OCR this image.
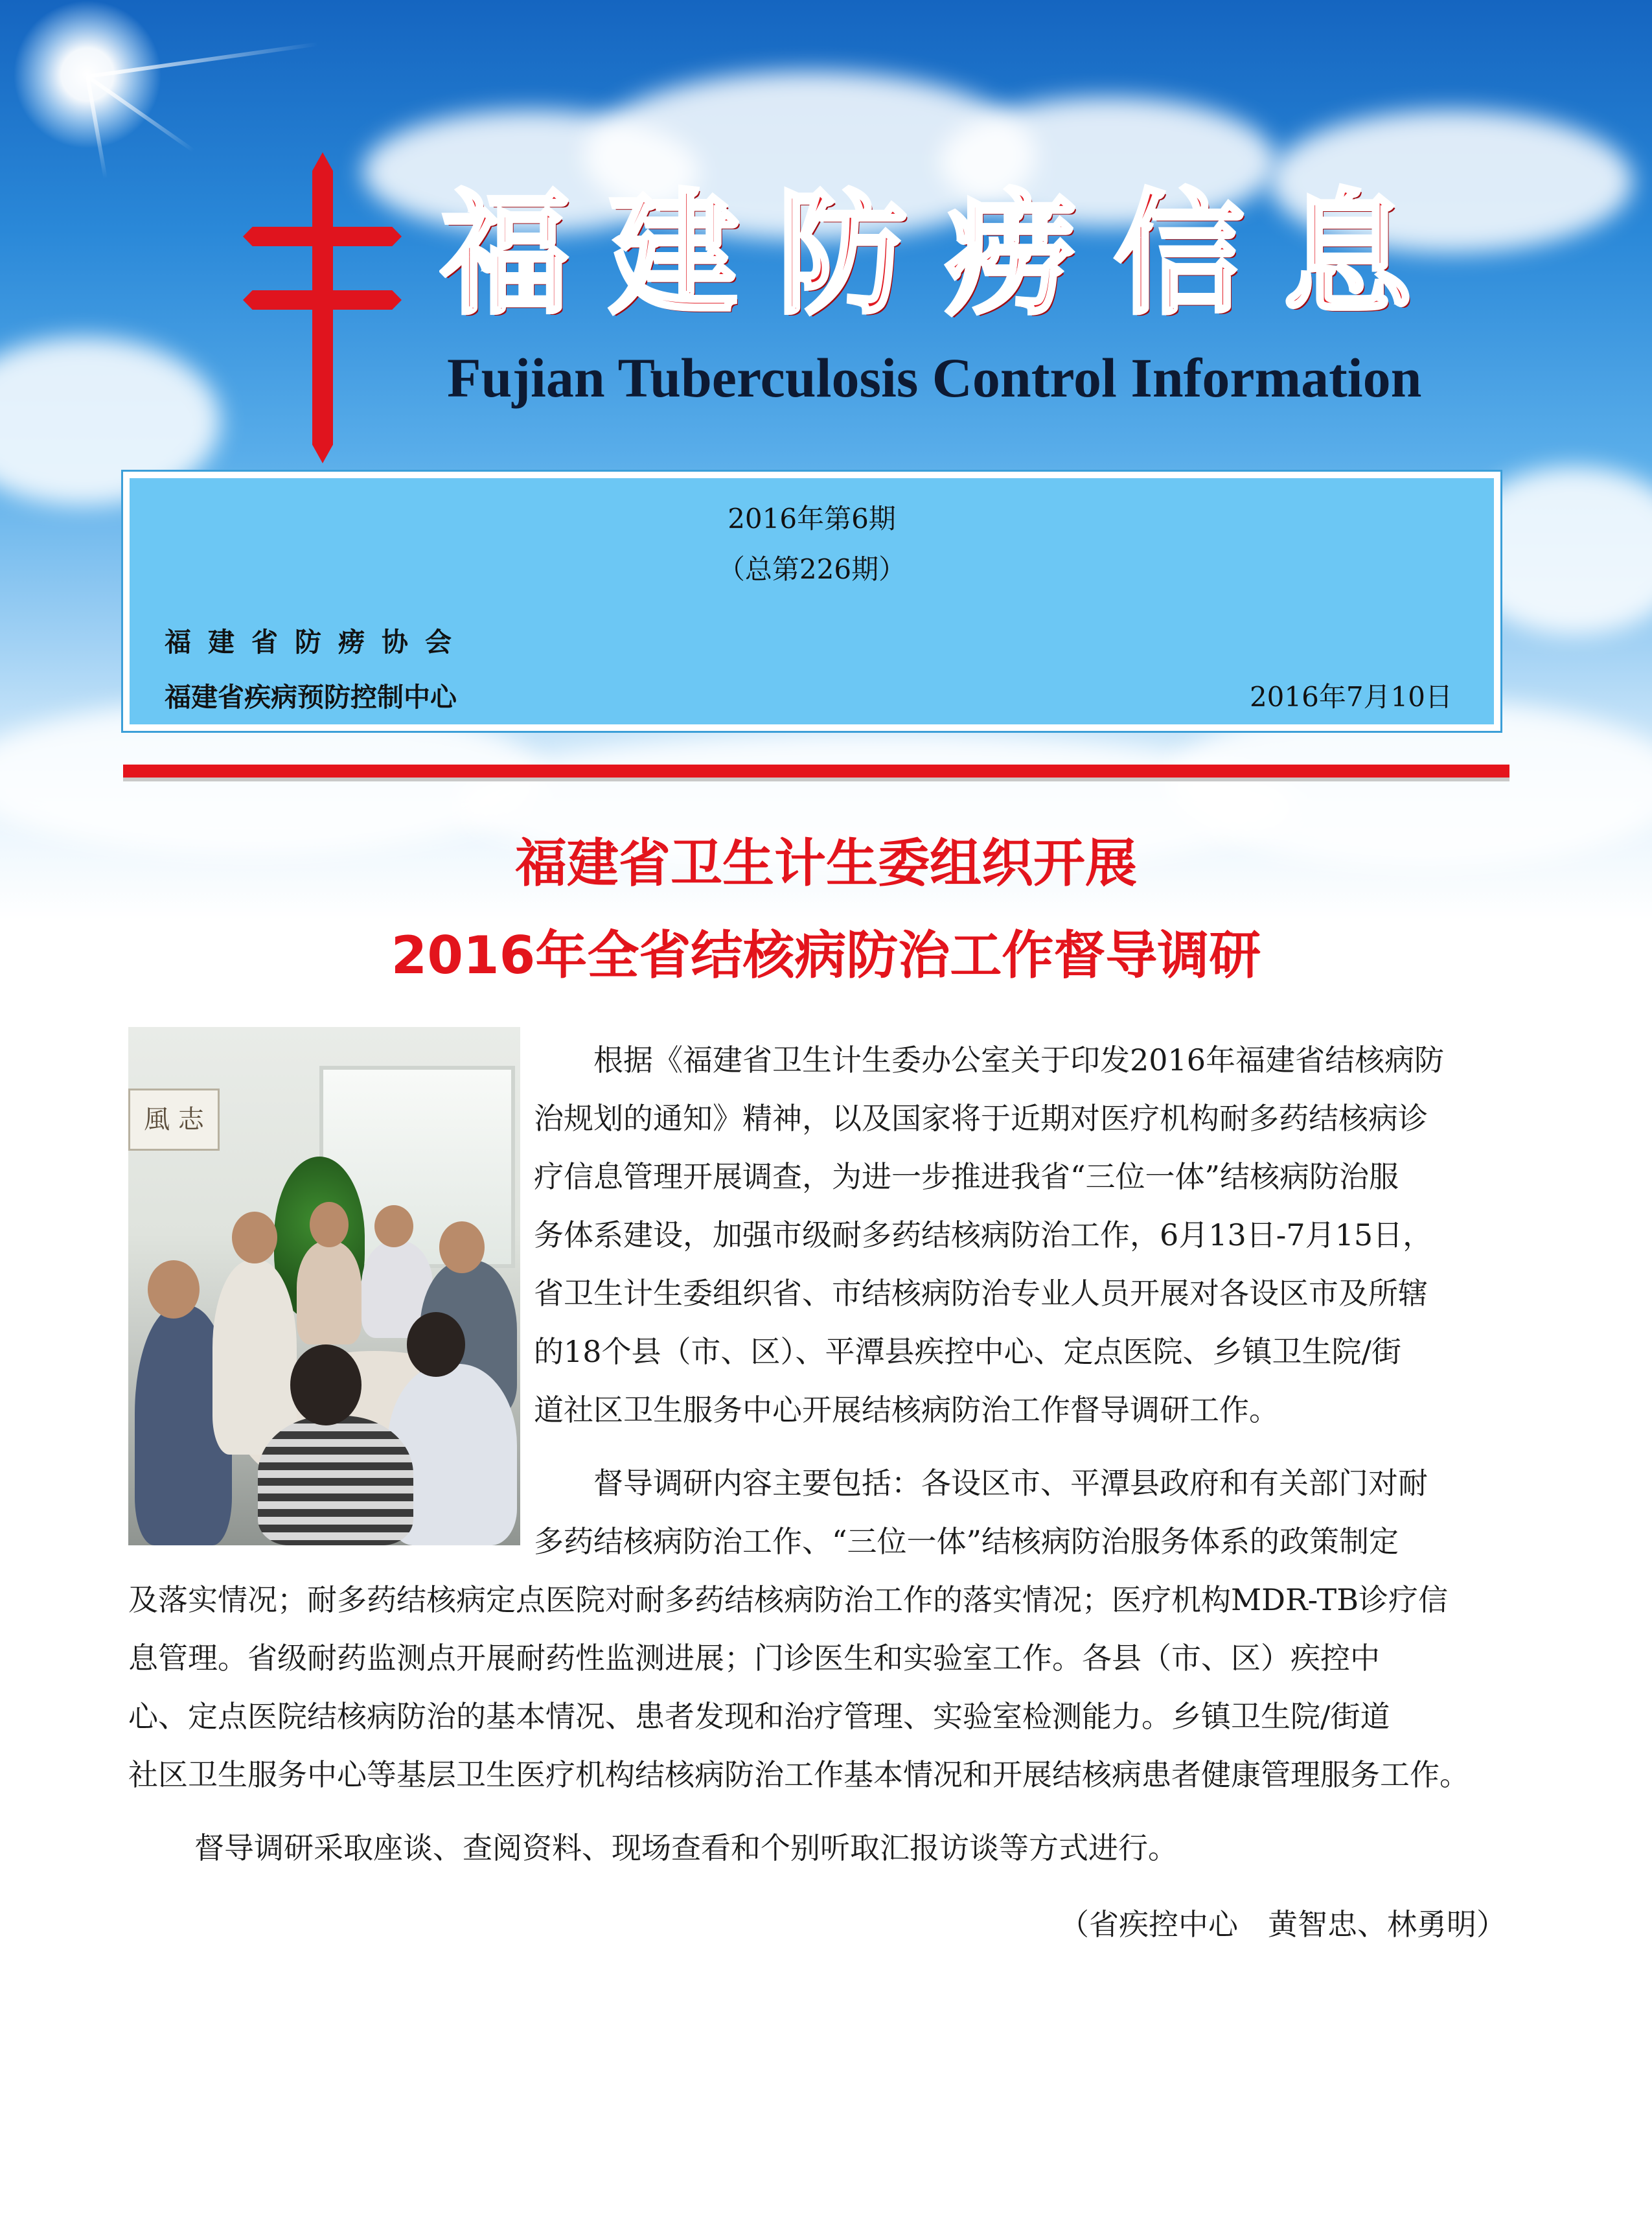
福建防痨信息
Fujian Tuberculosis Control Information
2016年第6期
（总第226期）
福建省防痨协会
福建省疾病预防控制中心	2016年7月10日
福建省卫生计生委组织开展
2016年全省结核病防治工作督导调研
風 志
根据《福建省卫生计生委办公室关于印发2016年福建省结核病防
治规划的通知》精神，以及国家将于近期对医疗机构耐多药结核病诊
疗信息管理开展调查，为进一步推进我省“三位一体”结核病防治服
务体系建设，加强市级耐多药结核病防治工作，6月13日-7月15日，
省卫生计生委组织省、市结核病防治专业人员开展对各设区市及所辖
的18个县（市、区）、平潭县疾控中心、定点医院、乡镇卫生院/街
道社区卫生服务中心开展结核病防治工作督导调研工作。
督导调研内容主要包括：各设区市、平潭县政府和有关部门对耐
多药结核病防治工作、“三位一体”结核病防治服务体系的政策制定
及落实情况；耐多药结核病定点医院对耐多药结核病防治工作的落实情况；医疗机构MDR-TB诊疗信
息管理。省级耐药监测点开展耐药性监测进展；门诊医生和实验室工作。各县（市、区）疾控中
心、定点医院结核病防治的基本情况、患者发现和治疗管理、实验室检测能力。乡镇卫生院/街道
社区卫生服务中心等基层卫生医疗机构结核病防治工作基本情况和开展结核病患者健康管理服务工作。
督导调研采取座谈、查阅资料、现场查看和个别听取汇报访谈等方式进行。
（省疾控中心　黄智忠、林勇明）
